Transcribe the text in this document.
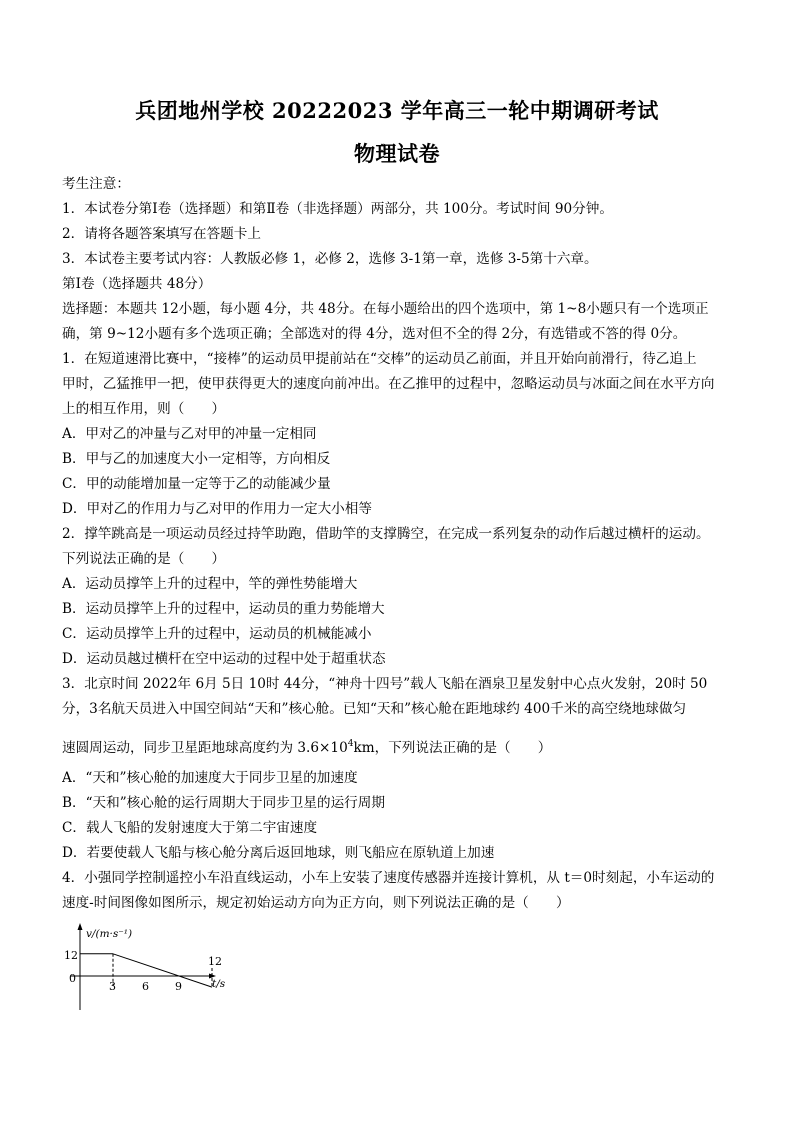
兵团地州学校 20222023 学年高三一轮中期调研考试
物理试卷
考生注意：
1．本试卷分第Ⅰ卷（选择题）和第Ⅱ卷（非选择题）两部分，共 100分。考试时间 90分钟。
2．请将各题答案填写在答题卡上
3．本试卷主要考试内容：人教版必修 1，必修 2，选修 3-1第一章，选修 3-5第十六章。
第Ⅰ卷（选择题共 48分）
选择题：本题共 12小题，每小题 4分，共 48分。在每小题给出的四个选项中，第 1~8小题只有一个选项正
确，第 9~12小题有多个选项正确；全部选对的得 4分，选对但不全的得 2分，有选错或不答的得 0分。
1．在短道速滑比赛中，“接棒”的运动员甲提前站在“交棒”的运动员乙前面，并且开始向前滑行，待乙追上
甲时，乙猛推甲一把，使甲获得更大的速度向前冲出。在乙推甲的过程中，忽略运动员与冰面之间在水平方向
上的相互作用，则（　　）
A．甲对乙的冲量与乙对甲的冲量一定相同
B．甲与乙的加速度大小一定相等，方向相反
C．甲的动能增加量一定等于乙的动能减少量
D．甲对乙的作用力与乙对甲的作用力一定大小相等
2．撑竿跳高是一项运动员经过持竿助跑，借助竿的支撑腾空，在完成一系列复杂的动作后越过横杆的运动。
下列说法正确的是（　　）
A．运动员撑竿上升的过程中，竿的弹性势能增大
B．运动员撑竿上升的过程中，运动员的重力势能增大
C．运动员撑竿上升的过程中，运动员的机械能减小
D．运动员越过横杆在空中运动的过程中处于超重状态
3．北京时间 2022年 6月 5日 10时 44分，“神舟十四号”载人飞船在酒泉卫星发射中心点火发射，20时 50
分，3名航天员进入中国空间站“天和”核心舱。已知“天和”核心舱在距地球约 400千米的高空绕地球做匀
速圆周运动，同步卫星距地球高度约为 $3.6\times 10^4km$，下列说法正确的是（　　）
A．“天和”核心舱的加速度大于同步卫星的加速度
B．“天和”核心舱的运行周期大于同步卫星的运行周期
C．载人飞船的发射速度大于第二宇宙速度
D．若要使载人飞船与核心舱分离后返回地球，则飞船应在原轨道上加速
4．小强同学控制遥控小车沿直线运动，小车上安装了速度传感器并连接计算机，从 t＝0时刻起，小车运动的
速度-时间图像如图所示，规定初始运动方向为正方向，则下列说法正确的是（　　）
v/(m·s⁻¹)
t/s
12
0
3 6 9
12
